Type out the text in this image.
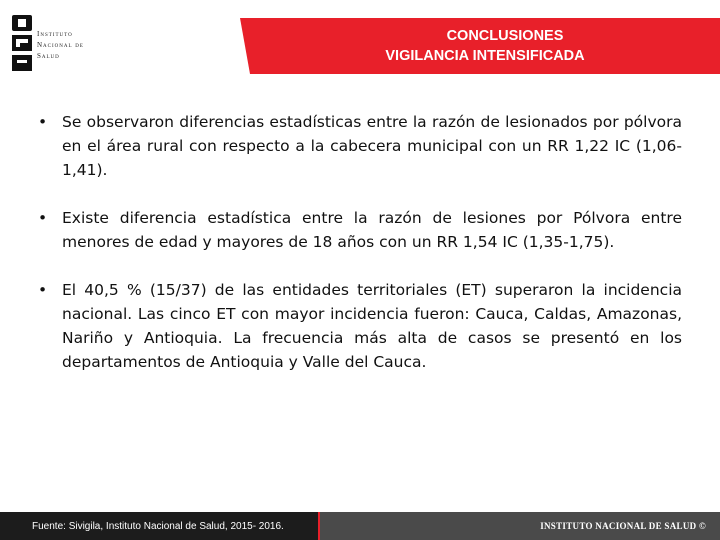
Instituto
Nacional de
Salud
CONCLUSIONES
VIGILANCIA INTENSIFICADA
• Se observaron diferencias estadísticas entre la razón de lesionados por pólvora en el área rural con respecto a la cabecera municipal con un RR 1,22 IC (1,06-1,41).
• Existe diferencia estadística entre la razón de lesiones por Pólvora entre menores de edad y mayores de 18 años con un RR 1,54 IC (1,35-1,75).
• El 40,5 % (15/37) de las entidades territoriales (ET) superaron la incidencia nacional. Las cinco ET con mayor incidencia fueron: Cauca, Caldas, Amazonas, Nariño y Antioquia. La frecuencia más alta de casos se presentó en los departamentos de Antioquia y Valle del Cauca.
Fuente: Sivigila, Instituto Nacional de Salud, 2015- 2016.	INSTITUTO NACIONAL DE SALUD ©
